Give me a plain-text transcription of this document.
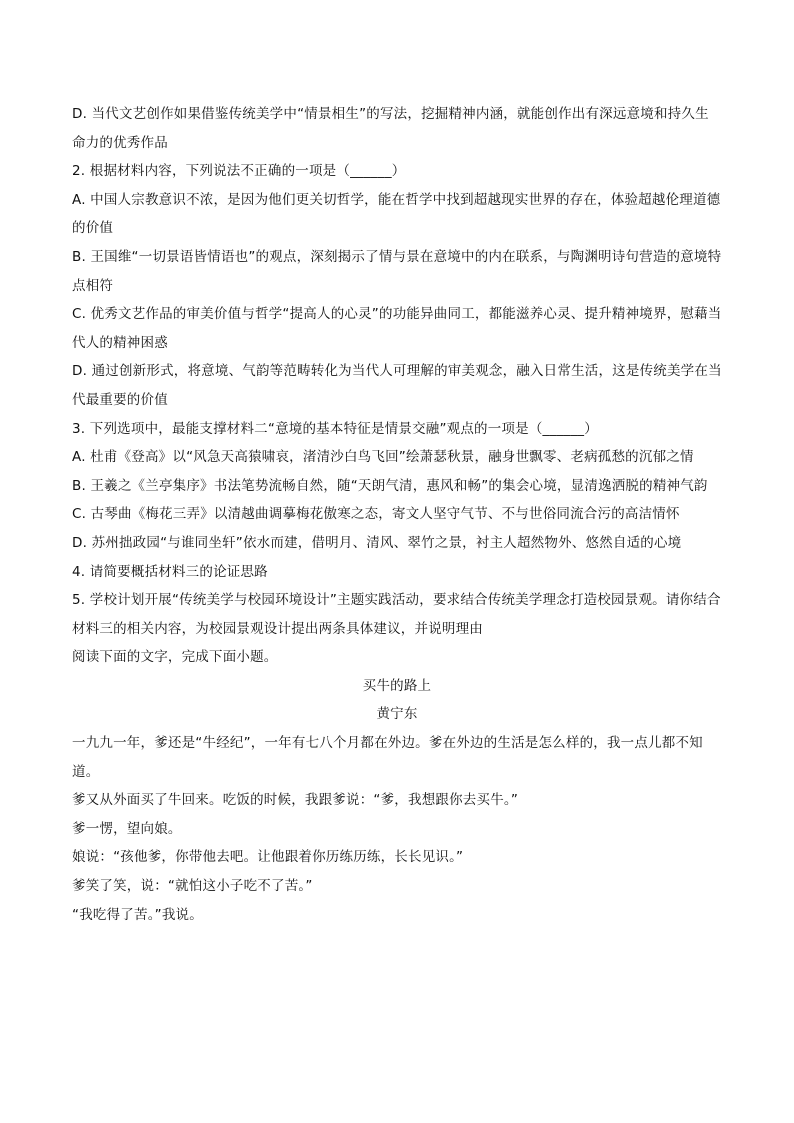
D. 当代文艺创作如果借鉴传统美学中“情景相生”的写法，挖掘精神内涵，就能创作出有深远意境和持久生命力的优秀作品

2. 根据材料内容，下列说法不正确的一项是（______）

A. 中国人宗教意识不浓，是因为他们更关切哲学，能在哲学中找到超越现实世界的存在，体验超越伦理道德的价值

B. 王国维“一切景语皆情语也”的观点，深刻揭示了情与景在意境中的内在联系，与陶渊明诗句营造的意境特点相符

C. 优秀文艺作品的审美价值与哲学“提高人的心灵”的功能异曲同工，都能滋养心灵、提升精神境界，慰藉当代人的精神困惑

D. 通过创新形式，将意境、气韵等范畴转化为当代人可理解的审美观念，融入日常生活，这是传统美学在当代最重要的价值

3. 下列选项中，最能支撑材料二“意境的基本特征是情景交融”观点的一项是（______）

A. 杜甫《登高》以“风急天高猿啸哀，渚清沙白鸟飞回”绘萧瑟秋景，融身世飘零、老病孤愁的沉郁之情

B. 王羲之《兰亭集序》书法笔势流畅自然，随“天朗气清，惠风和畅”的集会心境，显清逸洒脱的精神气韵

C. 古琴曲《梅花三弄》以清越曲调摹梅花傲寒之态，寄文人坚守气节、不与世俗同流合污的高洁情怀

D. 苏州拙政园“与谁同坐轩”依水而建，借明月、清风、翠竹之景，衬主人超然物外、悠然自适的心境

4. 请简要概括材料三的论证思路

5. 学校计划开展“传统美学与校园环境设计”主题实践活动，要求结合传统美学理念打造校园景观。请你结合材料三的相关内容，为校园景观设计提出两条具体建议，并说明理由

阅读下面的文字，完成下面小题。

买牛的路上

黄宁东

一九九一年，爹还是“牛经纪”，一年有七八个月都在外边。爹在外边的生活是怎么样的，我一点儿都不知道。

爹又从外面买了牛回来。吃饭的时候，我跟爹说：“爹，我想跟你去买牛。”

爹一愣，望向娘。

娘说：“孩他爹，你带他去吧。让他跟着你历练历练，长长见识。”

爹笑了笑，说：“就怕这小子吃不了苦。”

“我吃得了苦。”我说。
